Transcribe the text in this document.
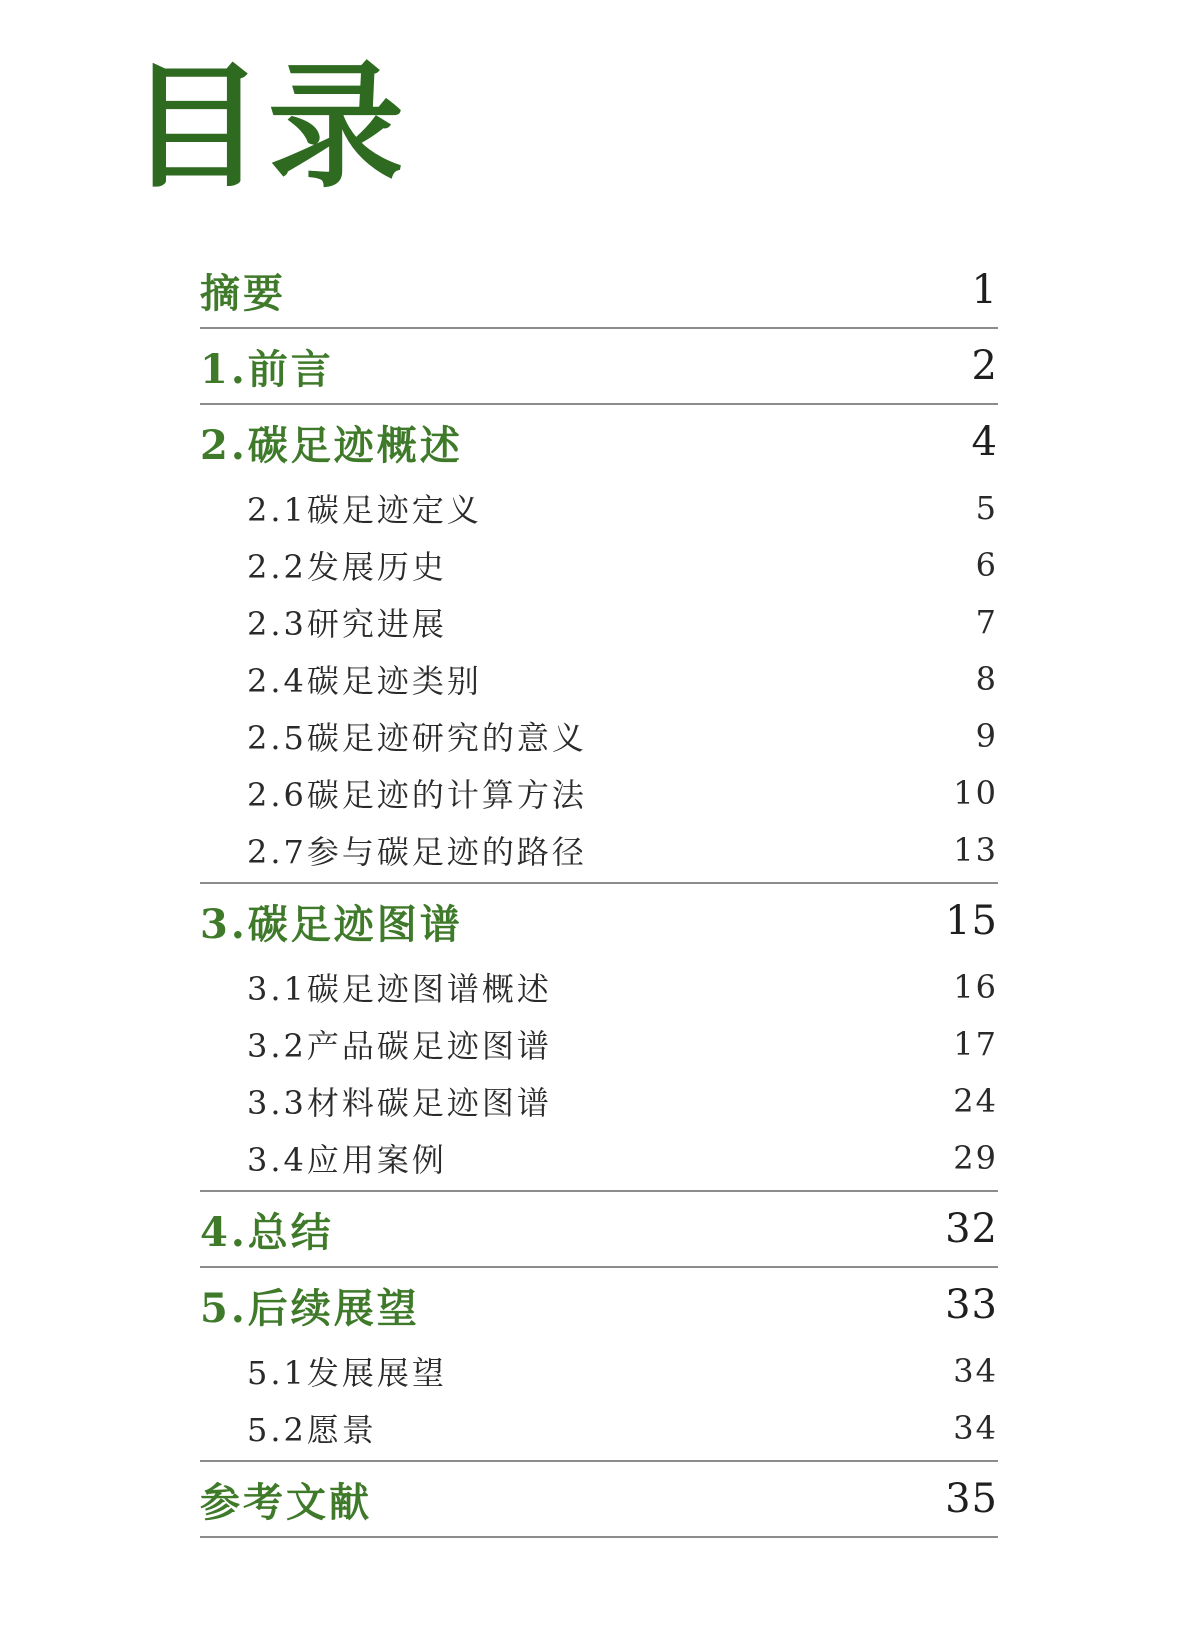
目录
摘要	1
1.前言	2
2.碳足迹概述	4
2.1碳足迹定义	5
2.2发展历史	6
2.3研究进展	7
2.4碳足迹类别	8
2.5碳足迹研究的意义	9
2.6碳足迹的计算方法	10
2.7参与碳足迹的路径	13
3.碳足迹图谱	15
3.1碳足迹图谱概述	16
3.2产品碳足迹图谱	17
3.3材料碳足迹图谱	24
3.4应用案例	29
4.总结	32
5.后续展望	33
5.1发展展望	34
5.2愿景	34
参考文献	35
